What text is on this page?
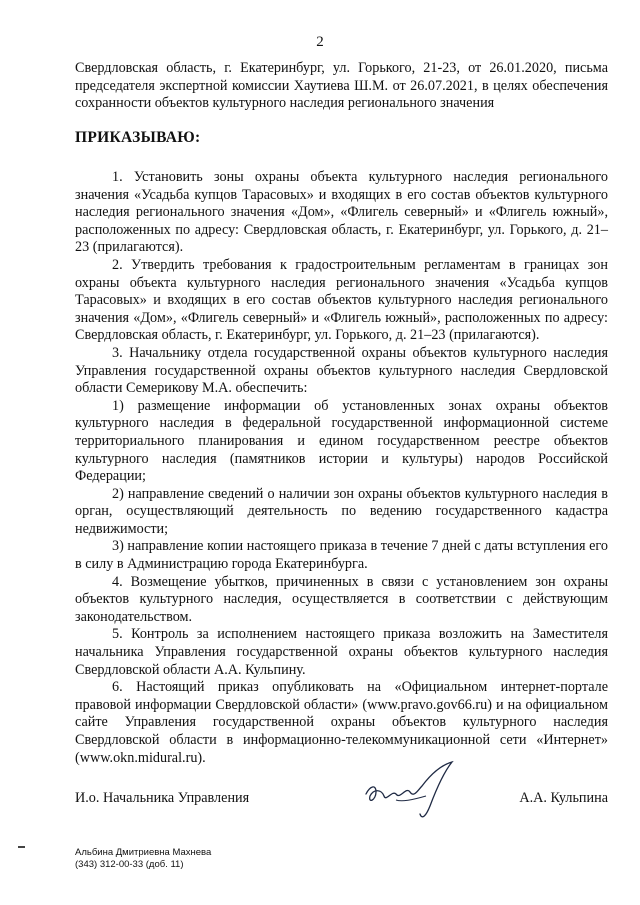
2
Свердловская область, г. Екатеринбург, ул. Горького, 21-23, от 26.01.2020, письма председателя экспертной комиссии Хаутиева Ш.М. от 26.07.2021, в целях обеспечения сохранности объектов культурного наследия регионального значения
ПРИКАЗЫВАЮ:

1. Установить зоны охраны объекта культурного наследия регионального значения «Усадьба купцов Тарасовых» и входящих в его состав объектов культурного наследия регионального значения «Дом», «Флигель северный» и «Флигель южный», расположенных по адресу: Свердловская область, г. Екатеринбург, ул. Горького, д. 21–23 (прилагаются).

2. Утвердить требования к градостроительным регламентам в границах зон охраны объекта культурного наследия регионального значения «Усадьба купцов Тарасовых» и входящих в его состав объектов культурного наследия регионального значения «Дом», «Флигель северный» и «Флигель южный», расположенных по адресу: Свердловская область, г. Екатеринбург, ул. Горького, д. 21–23 (прилагаются).

3. Начальнику отдела государственной охраны объектов культурного наследия Управления государственной охраны объектов культурного наследия Свердловской области Семерикову М.А. обеспечить:

1) размещение информации об установленных зонах охраны объектов культурного наследия в федеральной государственной информационной системе территориального планирования и едином государственном реестре объектов культурного наследия (памятников истории и культуры) народов Российской Федерации;

2) направление сведений о наличии зон охраны объектов культурного наследия в орган, осуществляющий деятельность по ведению государственного кадастра недвижимости;

3) направление копии настоящего приказа в течение 7 дней с даты вступления его в силу в Администрацию города Екатеринбурга.

4. Возмещение убытков, причиненных в связи с установлением зон охраны объектов культурного наследия, осуществляется в соответствии с действующим законодательством.

5. Контроль за исполнением настоящего приказа возложить на Заместителя начальника Управления государственной охраны объектов культурного наследия Свердловской области А.А. Кульпину.

6. Настоящий приказ опубликовать на «Официальном интернет-портале правовой информации Свердловской области» (www.pravo.gov66.ru) и на официальном сайте Управления государственной охраны объектов культурного наследия Свердловской области в информационно-телекоммуникационной сети «Интернет» (www.okn.midural.ru).

И.о. Начальника Управления	А.А. Кульпина
Альбина Дмитриевна Махнева
(343) 312-00-33 (доб. 11)
